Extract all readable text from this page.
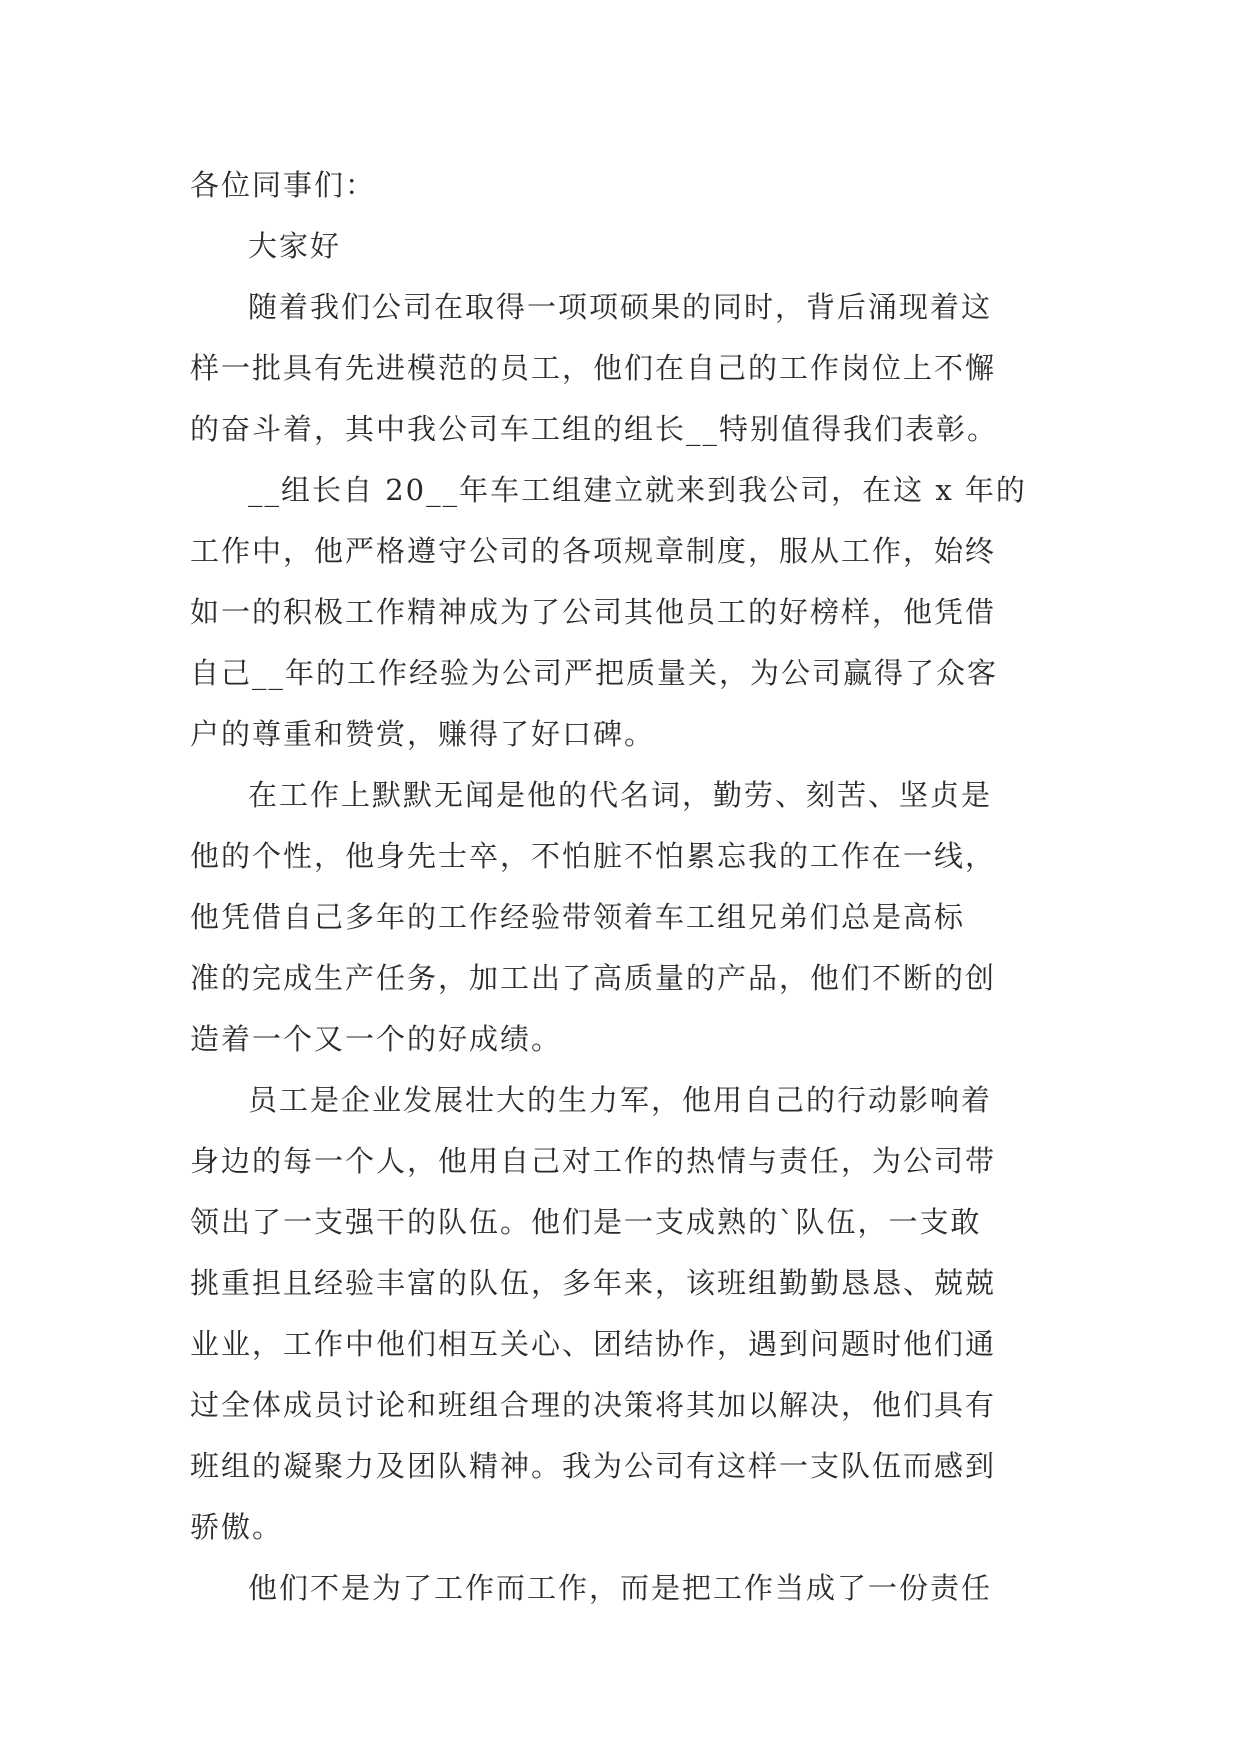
各位同事们：
大家好
随着我们公司在取得一项项硕果的同时，背后涌现着这
样一批具有先进模范的员工，他们在自己的工作岗位上不懈
的奋斗着，其中我公司车工组的组长__特别值得我们表彰。
__组长自 20__年车工组建立就来到我公司，在这 x 年的
工作中，他严格遵守公司的各项规章制度，服从工作，始终
如一的积极工作精神成为了公司其他员工的好榜样，他凭借
自己__年的工作经验为公司严把质量关，为公司赢得了众客
户的尊重和赞赏，赚得了好口碑。
在工作上默默无闻是他的代名词，勤劳、刻苦、坚贞是
他的个性，他身先士卒，不怕脏不怕累忘我的工作在一线，
他凭借自己多年的工作经验带领着车工组兄弟们总是高标
准的完成生产任务，加工出了高质量的产品，他们不断的创
造着一个又一个的好成绩。
员工是企业发展壮大的生力军，他用自己的行动影响着
身边的每一个人，他用自己对工作的热情与责任，为公司带
领出了一支强干的队伍。他们是一支成熟的`队伍，一支敢
挑重担且经验丰富的队伍，多年来，该班组勤勤恳恳、兢兢
业业，工作中他们相互关心、团结协作，遇到问题时他们通
过全体成员讨论和班组合理的决策将其加以解决，他们具有
班组的凝聚力及团队精神。我为公司有这样一支队伍而感到
骄傲。
他们不是为了工作而工作，而是把工作当成了一份责任
